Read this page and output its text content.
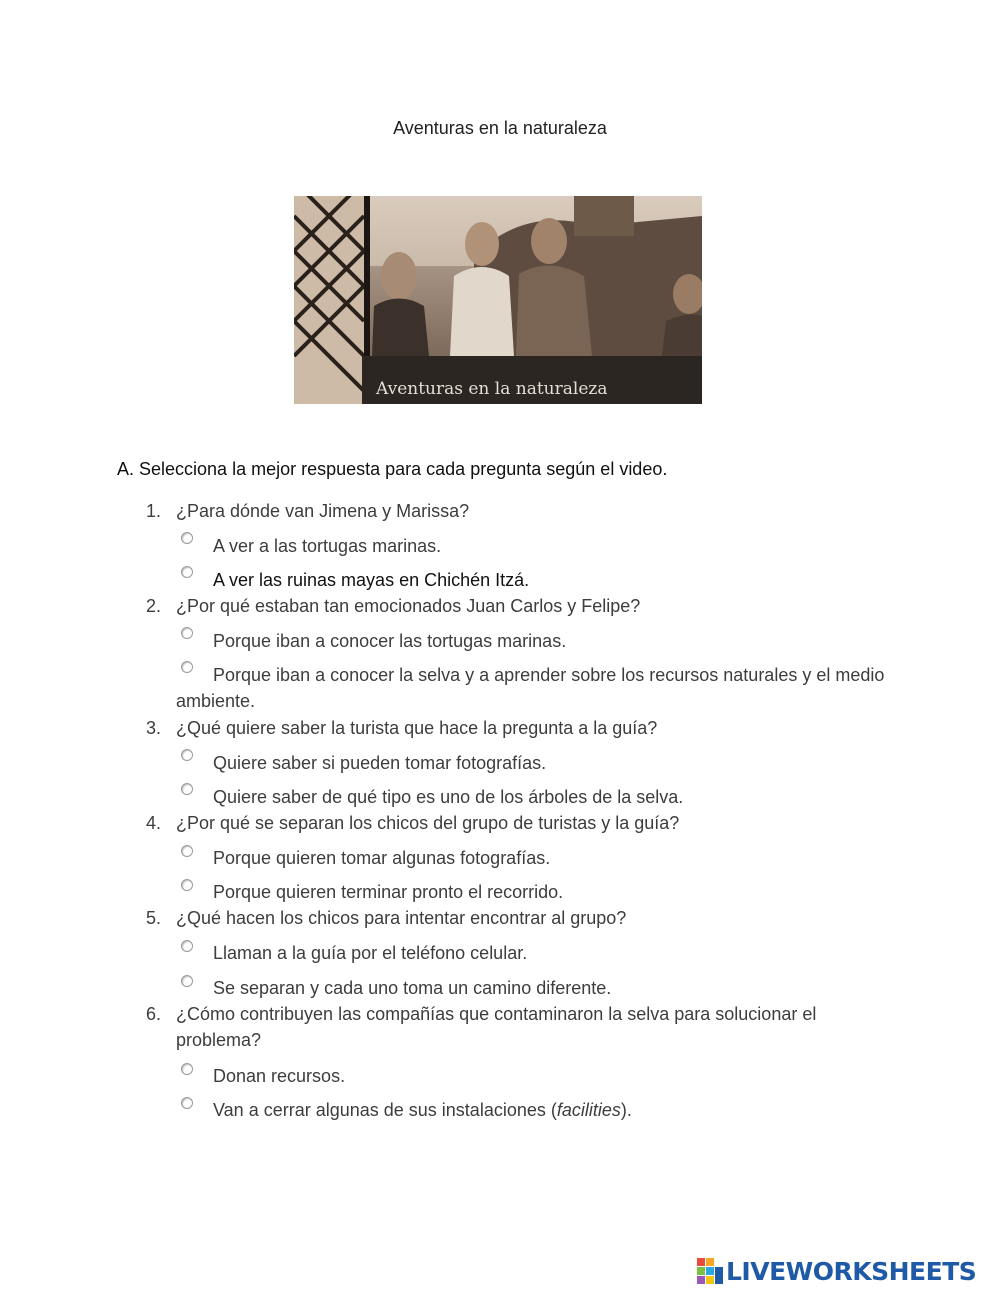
Aventuras en la naturaleza
Aventuras en la naturaleza
A. Selecciona la mejor respuesta para cada pregunta según el video.
1. ¿Para dónde van Jimena y Marissa?
A ver a las tortugas marinas.
A ver las ruinas mayas en Chichén Itzá.
2. ¿Por qué estaban tan emocionados Juan Carlos y Felipe?
Porque iban a conocer las tortugas marinas.
Porque iban a conocer la selva y a aprender sobre los recursos naturales y el medio ambiente.
3. ¿Qué quiere saber la turista que hace la pregunta a la guía?
Quiere saber si pueden tomar fotografías.
Quiere saber de qué tipo es uno de los árboles de la selva.
4. ¿Por qué se separan los chicos del grupo de turistas y la guía?
Porque quieren tomar algunas fotografías.
Porque quieren terminar pronto el recorrido.
5. ¿Qué hacen los chicos para intentar encontrar al grupo?
Llaman a la guía por el teléfono celular.
Se separan y cada uno toma un camino diferente.
6. ¿Cómo contribuyen las compañías que contaminaron la selva para solucionar el problema?
Donan recursos.
Van a cerrar algunas de sus instalaciones (facilities).
LIVEWORKSHEETS
